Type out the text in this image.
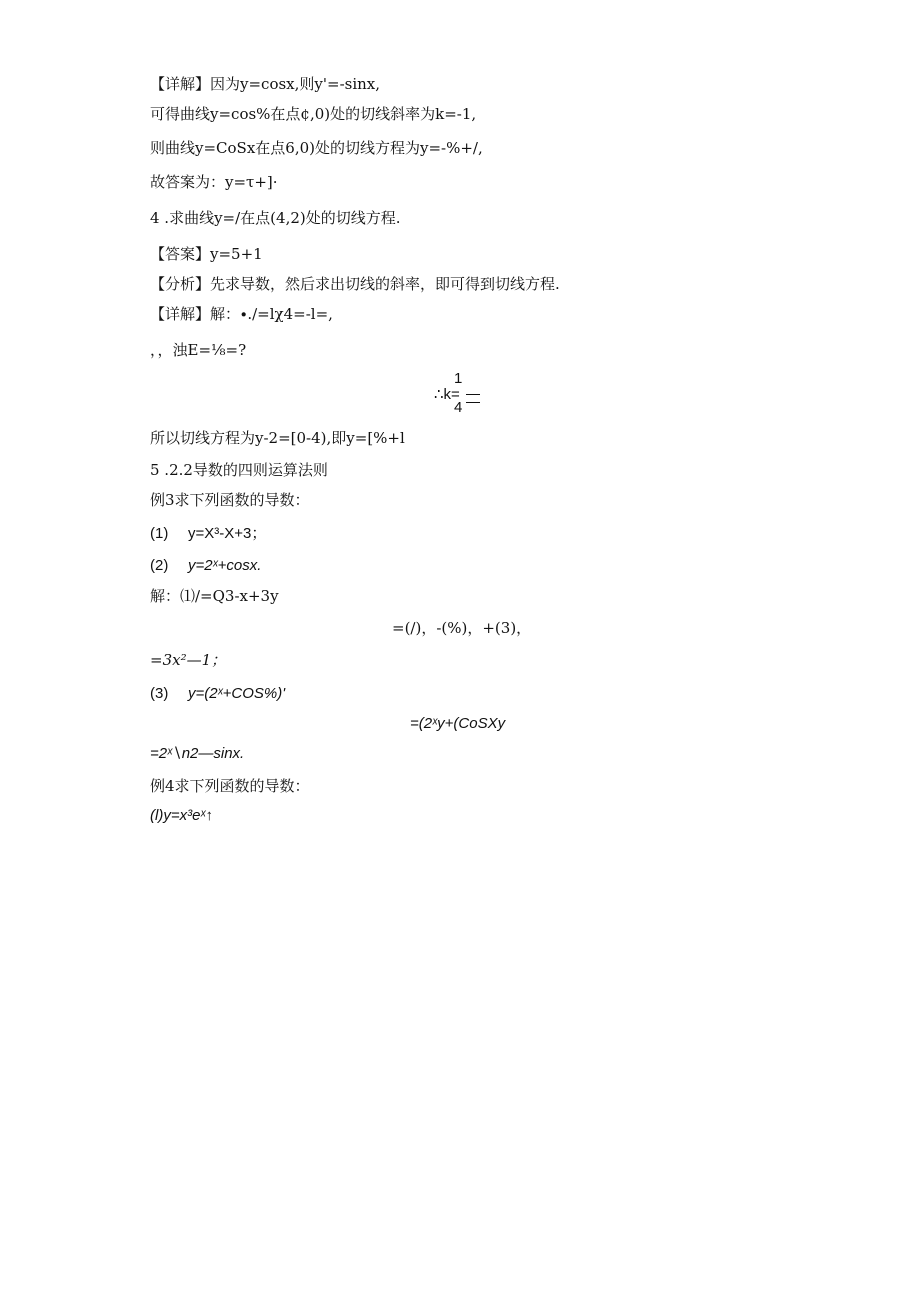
【详解】因为y=cosx,则y'=-sinx,
可得曲线y=cos%在点¢,0)处的切线斜率为k=-1,
则曲线y=CoSx在点6,0)处的切线方程为y=-%+/,
故答案为：y=τ+]·
4 .求曲线y=/在点(4,2)处的切线方程.
【答案】y=5+1
【分析】先求导数，然后求出切线的斜率，即可得到切线方程.
【详解】解：∙.∕=lχ4=-l=,
，，浊E=⅛=?
1
∴k=
4
所以切线方程为y-2=[0-4),即y=[%+l
5 .2.2导数的四则运算法则
例3求下列函数的导数：
(1) y=X³-X+3；
(2) y=2ˣ+cosx.
解：⑴∕=Q3-x+3y
=(∕)，-(%)，+(3)，
=3x²—1；
(3) y=(2ˣ+COS%)'
=(2ˣy+(CoSXy
=2ˣ∖n2—sinx.
例4求下列函数的导数：
(l)y=x³eˣ↑
